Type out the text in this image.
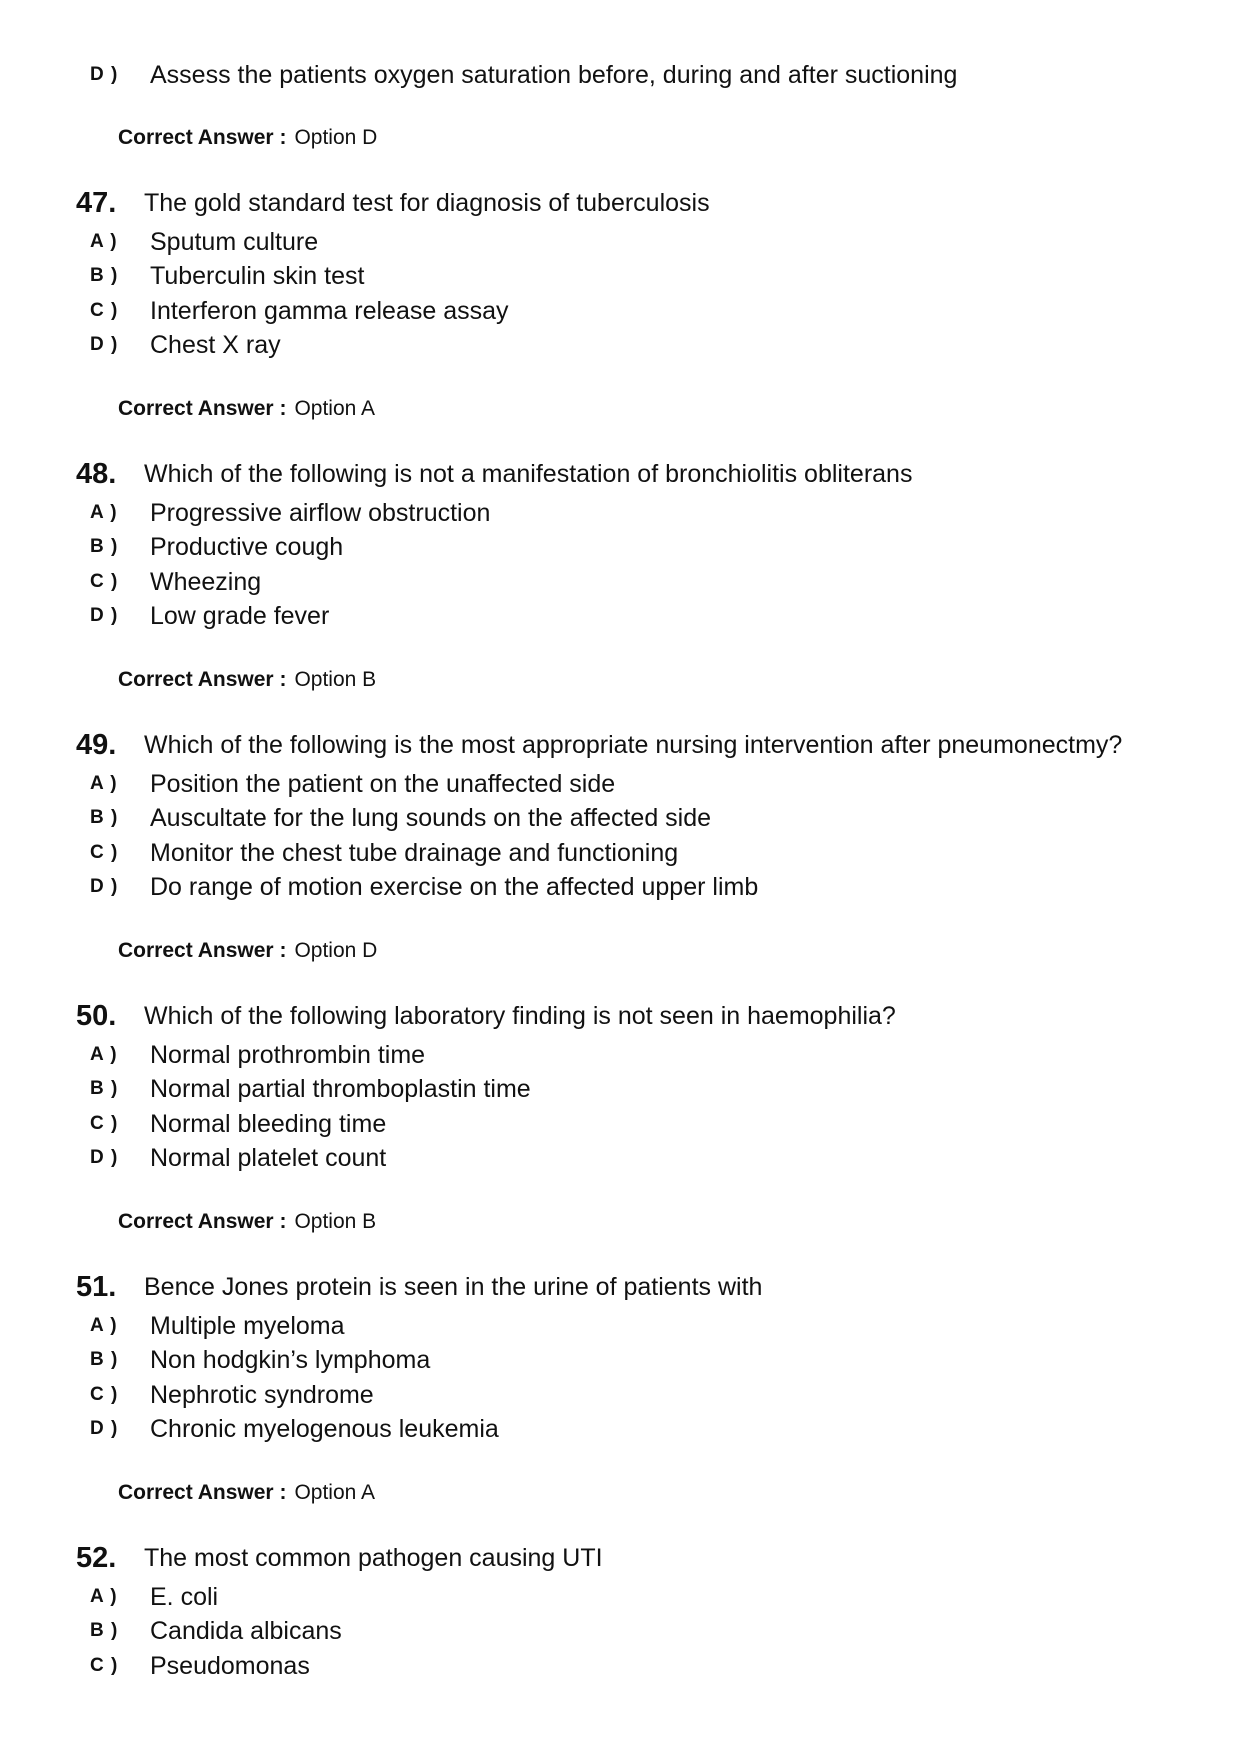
D )	Assess the patients oxygen saturation before, during and after suctioning
Correct Answer : Option D
47.	The gold standard test for diagnosis of tuberculosis
A )	Sputum culture
B )	Tuberculin skin test
C )	Interferon gamma release assay
D )	Chest X ray
Correct Answer : Option A
48.	Which of the following is not a manifestation of bronchiolitis obliterans
A )	Progressive airflow obstruction
B )	Productive cough
C )	Wheezing
D )	Low grade fever
Correct Answer : Option B
49.	Which of the following is the most appropriate nursing intervention after pneumonectmy?
A )	Position the patient on the unaffected side
B )	Auscultate for the lung sounds on the affected side
C )	Monitor the chest tube drainage and functioning
D )	Do range of motion exercise on the affected upper limb
Correct Answer : Option D
50.	Which of the following laboratory finding is not seen in haemophilia?
A )	Normal prothrombin time
B )	Normal partial thromboplastin time
C )	Normal bleeding time
D )	Normal platelet count
Correct Answer : Option B
51.	Bence Jones protein is seen in the urine of patients with
A )	Multiple myeloma
B )	Non hodgkin’s lymphoma
C )	Nephrotic syndrome
D )	Chronic myelogenous leukemia
Correct Answer : Option A
52.	The most common pathogen causing UTI
A )	E. coli
B )	Candida albicans
C )	Pseudomonas
